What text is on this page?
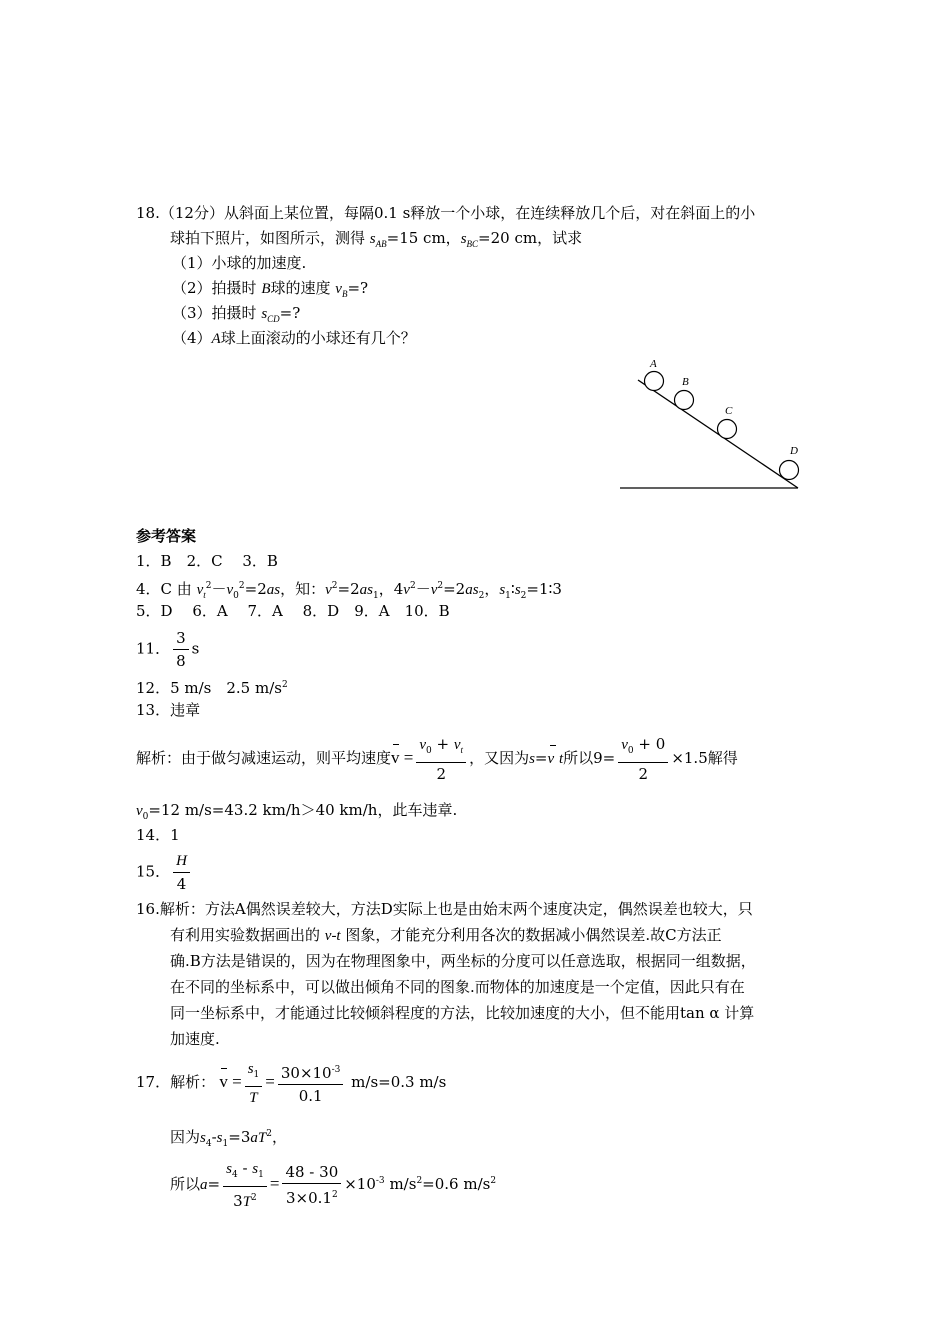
18.（12分）从斜面上某位置，每隔0.1 s释放一个小球，在连续释放几个后，对在斜面上的小
球拍下照片，如图所示，测得 $s_{AB}=15$ cm，$s_{BC}=20$ cm，试求
（1）小球的加速度.
（2）拍摄时 B球的速度 $v_B=$?
（3）拍摄时 $s_{CD}=$?
（4）A球上面滚动的小球还有几个？
A
B
C
D
参考答案
1．B　2．C　 3．B
4．C 由 $v_t^2-v_0^2=2as$，知：$v^2=2as_1$，$4v^2-v^2=2as_2$，$s_1∶s_2=1∶3$
5．D　 6．A　 7．A　 8．D　9．A　10．B
11． $\frac{3}{8}$ s
12．5 m/s　2.5 $m/s^2$
13．违章
解析：由于做匀减速运动，则平均速度$v = \frac{v_0 + v_t}{2}$ ，又因为s=v t所以$9= \frac{v_0 + 0}{2} \times 1.5$解得
$v_0=12$ m/s=43.2 km/h＞40 km/h，此车违章.
14．1
15． $\frac{H}{4}$
16.解析：方法A偶然误差较大，方法D实际上也是由始末两个速度决定，偶然误差也较大，只
有利用实验数据画出的 v-t 图象，才能充分利用各次的数据减小偶然误差.故C方法正
确.B方法是错误的，因为在物理图象中，两坐标的分度可以任意选取，根据同一组数据，
在不同的坐标系中，可以做出倾角不同的图象.而物体的加速度是一个定值，因此只有在
同一坐标系中，才能通过比较倾斜程度的方法，比较加速度的大小，但不能用tan α 计算
加速度.
17．解析： $v = \frac{s_1}{T} = \frac{30\times 10^{-3}}{0.1} m/s=0.3$ m/s
因为$s_4-s_1=3aT^2$，
所以$a= \frac{s_4 - s_1}{3T^2} = \frac{48 - 30}{3\times 0.1^2} \times 10^{-3}$ $m/s^2=0.6$ $m/s^2$
